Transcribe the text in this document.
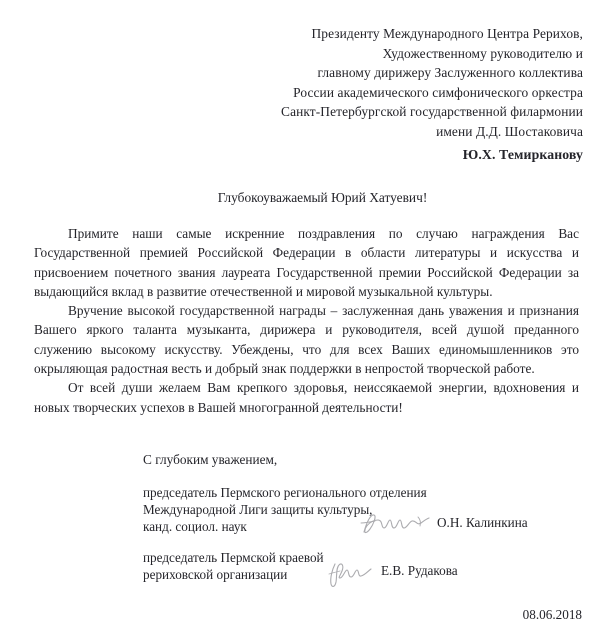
Президенту Международного Центра Рерихов,
Художественному руководителю и
главному дирижеру Заслуженного коллектива
России академического симфонического оркестра
Санкт-Петербургской государственной филармонии
имени Д.Д. Шостаковича
Ю.Х. Темирканову
Глубокоуважаемый Юрий Хатуевич!

Примите наши самые искренние поздравления по случаю награждения Вас Государственной премией Российской Федерации в области литературы и искусства и присвоением почетного звания лауреата Государственной премии Российской Федерации за выдающийся вклад в развитие отечественной и мировой музыкальной культуры.

Вручение высокой государственной награды – заслуженная дань уважения и признания Вашего яркого таланта музыканта, дирижера и руководителя, всей душой преданного служению высокому искусству. Убеждены, что для всех Ваших единомышленников это окрыляющая радостная весть и добрый знак поддержки в непростой творческой работе.

От всей души желаем Вам крепкого здоровья, неиссякаемой энергии, вдохновения и новых творческих успехов в Вашей многогранной деятельности!

С глубоким уважением,
председатель Пермского регионального отделения
Международной Лиги защиты культуры,
канд. социол. наук	О.Н. Калинкина
председатель Пермской краевой
рериховской организации	Е.В. Рудакова
08.06.2018
